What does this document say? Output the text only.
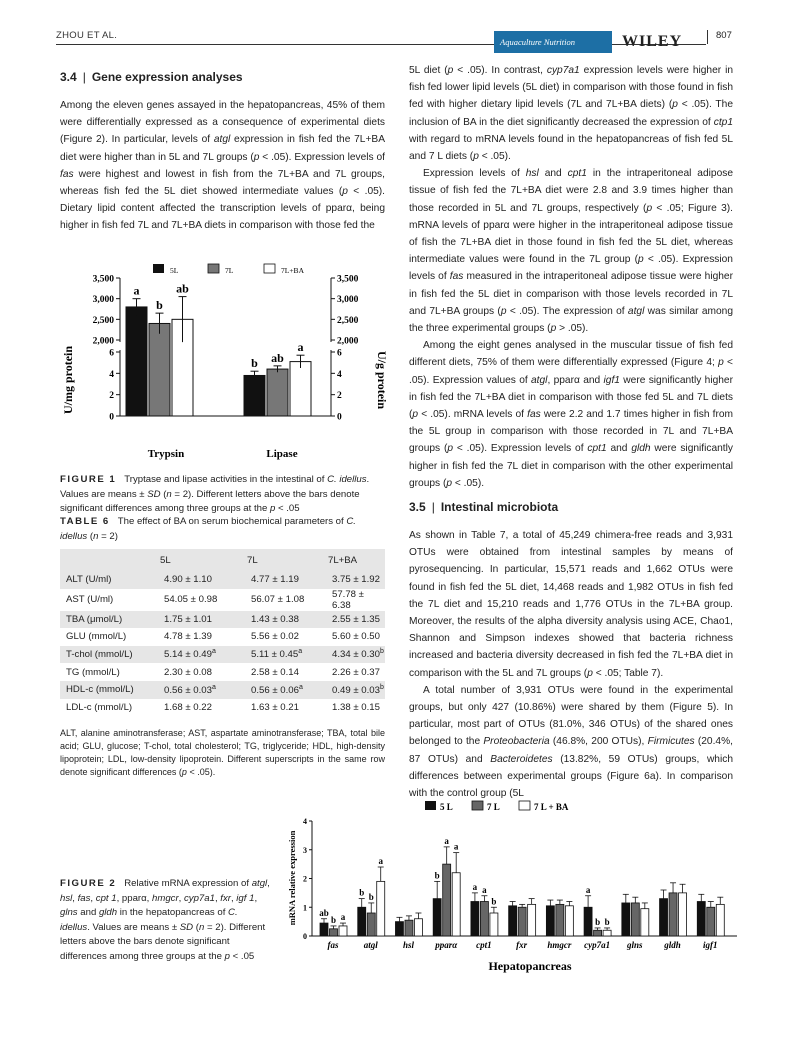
ZHOU ET AL.
Aquaculture Nutrition	WILEY	807
3.4 | Gene expression analyses

Among the eleven genes assayed in the hepatopancreas, 45% of them were differentially expressed as a consequence of experimental diets (Figure 2). In particular, levels of atgl expression in fish fed the 7L+BA diet were higher than in 5L and 7L groups (p < .05). Expression levels of fas were highest and lowest in fish from the 7L+BA and 7L groups, whereas fish fed the 5L diet showed intermediate values (p < .05). Dietary lipid content affected the transcription levels of pparα, being higher in fish fed 7L and 7L+BA diets in comparison with those fed the

5L	7L	7L+BA
U/mg protein	U/g protein
2,000	2,000
2,500	2,500
3,000	3,000
3,500	3,500
0	0
2	2
4	4
6	6
a
b
b
ab
ab
a
Trypsin	Lipase
FIGURE 1 Tryptase and lipase activities in the intestinal of C. idellus. Values are means ± SD (n = 2). Different letters above the bars denote significant differences among three groups at the p < .05
TABLE 6 The effect of BA on serum biochemical parameters of C. idellus (n = 2)
	5L	7L	7L+BA
ALT (U/ml)	4.90 ± 1.10	4.77 ± 1.19	3.75 ± 1.92
AST (U/ml)	54.05 ± 0.98	56.07 ± 1.08	57.78 ± 6.38
TBA (μmol/L)	1.75 ± 1.01	1.43 ± 0.38	2.55 ± 1.35
GLU (mmol/L)	4.78 ± 1.39	5.56 ± 0.02	5.60 ± 0.50
T-chol (mmol/L)	5.14 ± 0.49$^a$	5.11 ± 0.45$^a$	4.34 ± 0.30$^b$
TG (mmol/L)	2.30 ± 0.08	2.58 ± 0.14	2.26 ± 0.37
HDL-c (mmol/L)	0.56 ± 0.03$^a$	0.56 ± 0.06$^a$	0.49 ± 0.03$^b$
LDL-c (mmol/L)	1.68 ± 0.22	1.63 ± 0.21	1.38 ± 0.15
ALT, alanine aminotransferase; AST, aspartate aminotransferase; TBA, total bile acid; GLU, glucose; T-chol, total cholesterol; TG, triglyceride; HDL, high-density lipoprotein; LDL, low-density lipoprotein. Different superscripts in the same row denote significant differences (p < .05).
FIGURE 2 Relative mRNA expression of atgl, hsl, fas, cpt 1, pparα, hmgcr, cyp7a1, fxr, igf 1, glns and gldh in the hepatopancreas of C. idellus. Values are means ± SD (n = 2). Different letters above the bars denote significant differences among three groups at the p < .05

5L diet (p < .05). In contrast, cyp7a1 expression levels were higher in fish fed lower lipid levels (5L diet) in comparison with those found in fish fed with higher dietary lipid levels (7L and 7L+BA diets) (p < .05). The inclusion of BA in the diet significantly decreased the expression of ctp1 with regard to mRNA levels found in the hepatopancreas of fish fed 5L and 7 L diets (p < .05).

Expression levels of hsl and cpt1 in the intraperitoneal adipose tissue of fish fed the 7L+BA diet were 2.8 and 3.9 times higher than those recorded in 5L and 7L groups, respectively (p < .05; Figure 3). mRNA levels of pparα were higher in the intraperitoneal adipose tissue of fish the 7L+BA diet in those found in fish fed the 5L diet, whereas intermediate values were found in the 7L group (p < .05). Expression levels of fas measured in the intraperitoneal adipose tissue were higher in fish fed the 5L diet in comparison with those levels recorded in 7L and 7L+BA groups (p < .05). The expression of atgl was similar among the three experimental groups (p > .05).

Among the eight genes analysed in the muscular tissue of fish fed different diets, 75% of them were differentially expressed (Figure 4; p < .05). Expression values of atgl, pparα and igf1 were significantly higher in fish fed the 7L+BA diet in comparison with those fed 5L and 7L diets (p < .05). mRNA levels of fas were 2.2 and 1.7 times higher in fish from the 5L group in comparison with those recorded in 7L and 7L+BA groups (p < .05). Expression levels of cpt1 and gldh were significantly higher in fish fed the 7L diet in comparison with the other experimental groups (p < .05).

3.5 | Intestinal microbiota

As shown in Table 7, a total of 45,249 chimera-free reads and 3,931 OTUs were obtained from intestinal samples by means of pyrosequencing. In particular, 15,571 reads and 1,662 OTUs were found in fish fed the 5L diet, 14,468 reads and 1,982 OTUs in fish fed the 7L diet and 15,210 reads and 1,776 OTUs in the 7L+BA group. Moreover, the results of the alpha diversity analysis using ACE, Chao1, Shannon and Simpson indexes showed that bacteria richness increased and bacteria diversity decreased in fish fed the 7L+BA diet in comparison with the 5L and 7L groups (p < .05; Table 7).

A total number of 3,931 OTUs were found in the experimental groups, but only 427 (10.86%) were shared by them (Figure 5). In particular, most part of OTUs (81.0%, 346 OTUs) of the shared ones belonged to the Proteobacteria (46.8%, 200 OTUs), Firmicutes (20.4%, 87 OTUs) and Bacteroidetes (13.82%, 59 OTUs) groups, which differences between experimental groups (Figure 6a). In comparison with the control group (5L

5 L	7 L	7 L + BA
mRNA relative expression
0
1
2
3
4
ab
b a
fas
b b
a
atgl	hsl
b
a
a
pparα
a a
b
cpt1	fxr hmgcr
a
b b
cyp7a1 glns gldh igf1
Hepatopancreas
